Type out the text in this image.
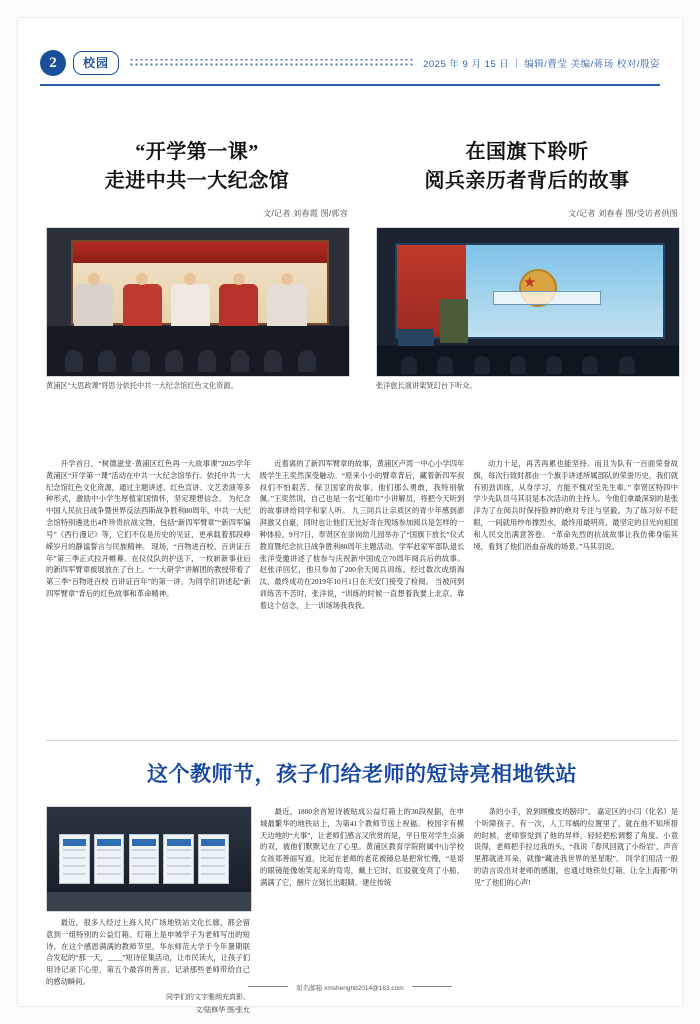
2	校园	2025 年 9 月 15 日 编辑/曹莹 美编/蒋玚 校对/殷姿
“开学第一课”
走进中共一大纪念馆
文/记者 刘春霞 图/郭容
黄浦区“大思政课”将思分依托中共一大纪念馆红色文化资源。
在国旗下聆听
阅兵亲历者背后的故事
文/记者 刘春春 图/受访者供图
张洋旅长演讲架贤幻台下听众。

开学首日，“树德滋堂·黄浦区红色再一大故事课”2025学年黄浦区“开学第一课”活动在中共一大纪念馆举行。依托中共一大纪念馆红色文化资源，通过主题讲述、红色宣讲、文艺表演等多种形式，激励中小学生厚植家国情怀，坚定理想信念。 为纪念中国人民抗日战争暨世界反法西斯战争胜利80周年，中共一大纪念馆特别遴选出4件珍贵抗战文物，包括“新四军臂章”“新四军编号”《西行漫记》等，它们不仅是历史的见证，更承载着那段峥嵘岁月的静谧誓言与民族精神。 现场，“百物进百校、百讲证百年”第三季正式拉开帷幕。在仪仗队的护送下，一枚崭新事业后的新四军臂章被展放在了台上。“一大研学”讲解团的教授带着了第三季“百物进百校 百讲证百年”的第一讲，为同学们讲述起“新四军臂章”背后的红色故事和革命精神。

近着离的了新四军臂章的故事，黄浦区卢湾一中心小学四年级学生王奕然深受触动。“原来小小的臂章背后，藏着新四军叔叔们不怕艰苦、保卫国家的故事。他们那么勇敢，我特别敬佩。”王奕然说，自己也是一名“红舶巾”小讲解员，将把今天听到的故事讲给同学和家人听。 九三同兵让亲质区的青少年感到澎湃激又自豪，同时也让他们无比好奇在现场参加阅兵是怎样的一种体验。9月7日，奉贤区在崇岗幼儿园举办了“国旗下放长”仪式教育暨纪念抗日战争胜利80周年主题活动。学军赶家军部队退长张洋受邀讲述了他参与庆祝新中国成立70周年阅兵后的故事。 赵张洋回忆，他只参加了200余天阅兵训练。经过数次成绩淘汰，最终成功在2019年10月1日在天安门接受了检阅。 当被问到训练苦不苦时，张洋说，“训练的时候一直想着我要上北京。靠着这个信念，上一训场场我我我。

动力十足，再苦再累也能坚持。而且为队有一百面荣誉故旗，每次行致时都由一个旗手讲述所属部队的荣誉历史，我们就有别劲训练，从身学习，方能不愧对至先生辈。” 奉贤区特四中学少先队员马其羽是本次活动的主持人。今他们拿最深刻的是张洋为了在阅兵时保持脸神的绝对专注与坚毅。为了练习好不眨眼，一间就用纱布撑烈水，最终用最明亮、最坚定的目光向祖国和人民交出满意答卷。 “革命先烈的抗战故事让我仿佛身临其境，看到了他们浴血奋战的场景。”马其羽说。

这个教师节，孩子们给老师的短诗亮相地铁站

最近，很多人经过上海人民广场地铁站文化长廊，都会留意到一组特别的公益灯箱。灯箱上是申城学子为老师写出的短诗，在这个感恩满满的教师节里，华东师范大学于今年暑期联合发起的“那一天，____”短诗征集活动，让市民读大，让孩子们用诗记录下心里，第五个最容的善言，记录那些老师带给自己的感动瞬间。

同学们的文字雅朗充真影。
文/陆修华 图/张允

最近，1800余首短诗被贴成公益灯箱上的30段视据，在申城最繁华的地铁站上，为第41个教师节送上祝福。 校园字有模天边地的“大事”，让老师们感言又欣赏的是，平日里对学生点滴的双，被他们默默记在了心里。黄浦区教育学院附属中山学校女孩郑善丽写道，比起在老师的老花被镜总是把常忙慢，“是哥的眼镜能像她笑起来的弯弯，戴上它时，红驳就变亮了小船，满满了它，捆片立刻长出眼睛。建住传统

条的小手，说到顾橡皮的膀印”。 嘉定区的小闫（化名）是个听障孩子，有一次，人工耳蜗的位置里了，就在他不知所措的时候，老师察觉到了他的异样，轻轻把松调整了角度。小竟说得，老师把手拉过我的头，“我说『春风回就了小纷岩’，声音里都就进耳朵，就像“藏进我世界的星星眼”。 同学们用活一般的语言说出对老师的感谢，也通过地铁处灯箱，让全上海都“听见”了他们的心声!

版名邮箱 xmshenghb2014@163.com
